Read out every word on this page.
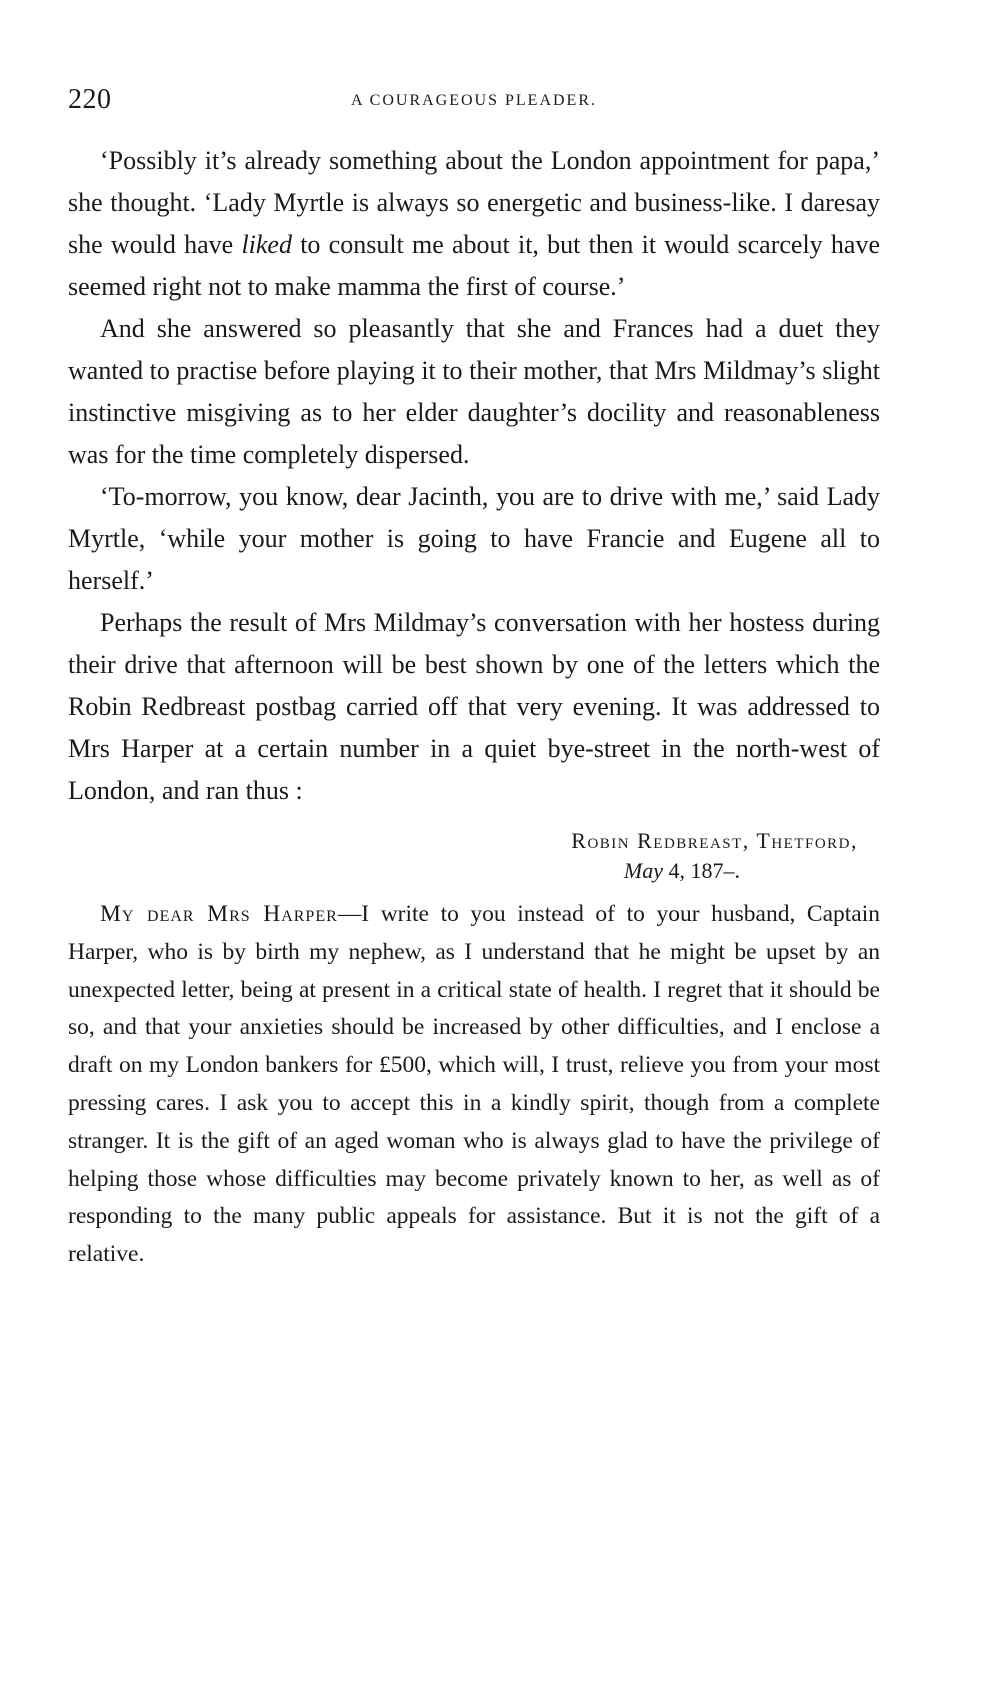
220	A COURAGEOUS PLEADER.

‘Possibly it’s already something about the London appointment for papa,’ she thought. ‘Lady Myrtle is always so energetic and business-like. I daresay she would have liked to consult me about it, but then it would scarcely have seemed right not to make mamma the first of course.’

And she answered so pleasantly that she and Frances had a duet they wanted to practise before playing it to their mother, that Mrs Mildmay’s slight instinctive misgiving as to her elder daughter’s docility and reasonableness was for the time completely dispersed.

‘To-morrow, you know, dear Jacinth, you are to drive with me,’ said Lady Myrtle, ‘while your mother is going to have Francie and Eugene all to herself.’

Perhaps the result of Mrs Mildmay’s conversation with her hostess during their drive that afternoon will be best shown by one of the letters which the Robin Redbreast postbag carried off that very evening. It was addressed to Mrs Harper at a certain number in a quiet bye-street in the north-west of London, and ran thus :

Robin Redbreast, Thetford,
May 4, 187–.

My dear Mrs Harper—I write to you instead of to your husband, Captain Harper, who is by birth my nephew, as I understand that he might be upset by an unexpected letter, being at present in a critical state of health. I regret that it should be so, and that your anxieties should be increased by other difficulties, and I enclose a draft on my London bankers for £500, which will, I trust, relieve you from your most pressing cares. I ask you to accept this in a kindly spirit, though from a complete stranger. It is the gift of an aged woman who is always glad to have the privilege of helping those whose difficulties may become privately known to her, as well as of responding to the many public appeals for assistance. But it is not the gift of a relative.
